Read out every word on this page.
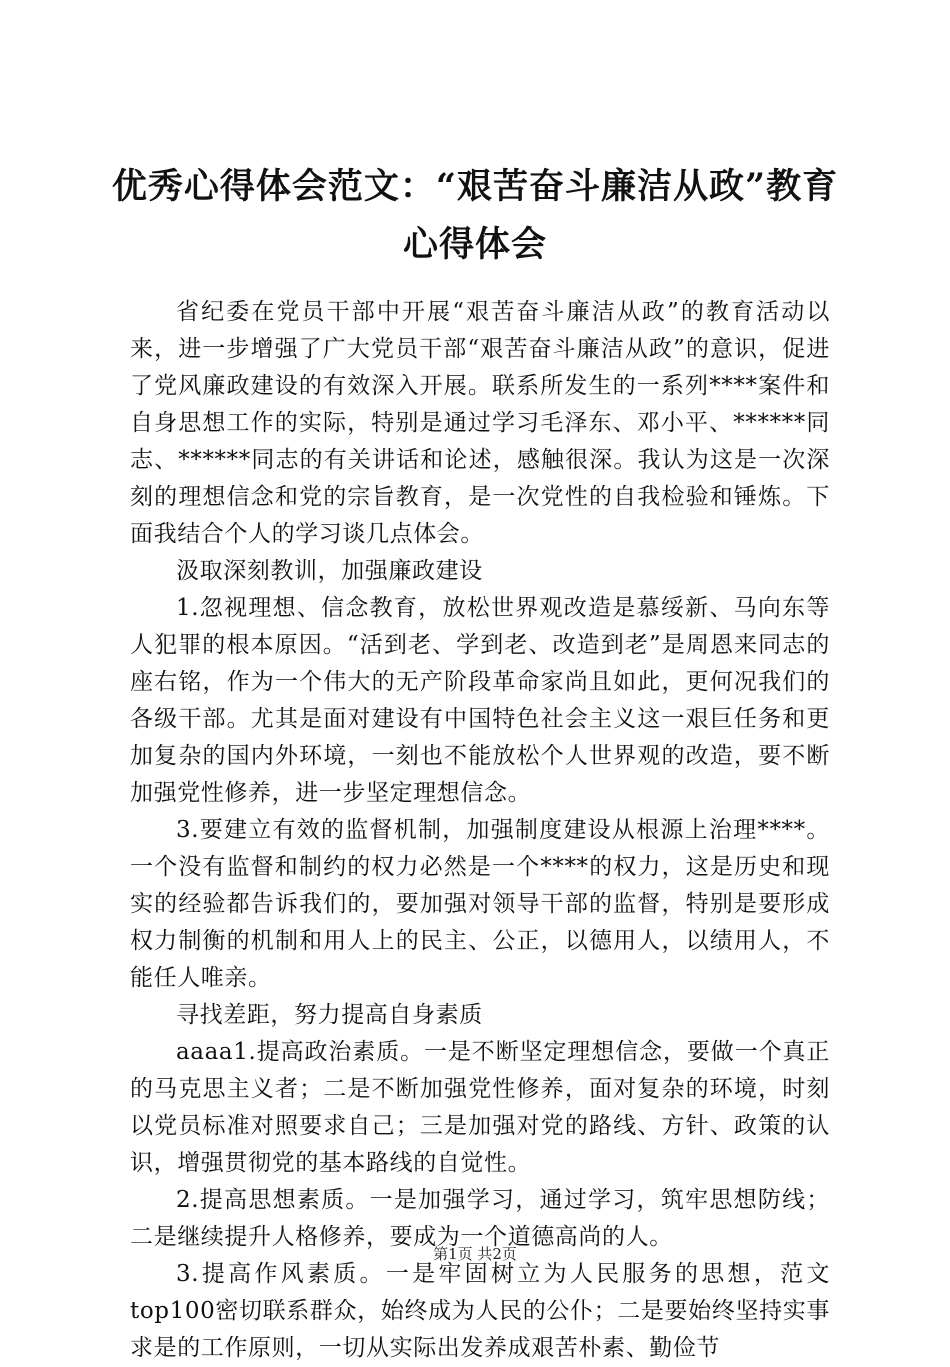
优秀心得体会范文：“艰苦奋斗廉洁从政”教育心得体会

省纪委在党员干部中开展“艰苦奋斗廉洁从政”的教育活动以来，进一步增强了广大党员干部“艰苦奋斗廉洁从政”的意识，促进了党风廉政建设的有效深入开展。联系所发生的一系列****案件和自身思想工作的实际，特别是通过学习毛泽东、邓小平、******同志、******同志的有关讲话和论述，感触很深。我认为这是一次深刻的理想信念和党的宗旨教育，是一次党性的自我检验和锤炼。下面我结合个人的学习谈几点体会。

汲取深刻教训，加强廉政建设

1.忽视理想、信念教育，放松世界观改造是慕绥新、马向东等人犯罪的根本原因。“活到老、学到老、改造到老”是周恩来同志的座右铭，作为一个伟大的无产阶段革命家尚且如此，更何况我们的各级干部。尤其是面对建设有中国特色社会主义这一艰巨任务和更加复杂的国内外环境，一刻也不能放松个人世界观的改造，要不断加强党性修养，进一步坚定理想信念。

3.要建立有效的监督机制，加强制度建设从根源上治理****。一个没有监督和制约的权力必然是一个****的权力，这是历史和现实的经验都告诉我们的，要加强对领导干部的监督，特别是要形成权力制衡的机制和用人上的民主、公正，以德用人，以绩用人，不能任人唯亲。

寻找差距，努力提高自身素质

aaaa1.提高政治素质。一是不断坚定理想信念，要做一个真正的马克思主义者；二是不断加强党性修养，面对复杂的环境，时刻以党员标准对照要求自己；三是加强对党的路线、方针、政策的认识，增强贯彻党的基本路线的自觉性。

2.提高思想素质。一是加强学习，通过学习，筑牢思想防线；二是继续提升人格修养，要成为一个道德高尚的人。

3.提高作风素质。一是牢固树立为人民服务的思想，范文top100密切联系群众，始终成为人民的公仆；二是要始终坚持实事求是的工作原则，一切从实际出发养成艰苦朴素、勤俭节

第1页 共2页
